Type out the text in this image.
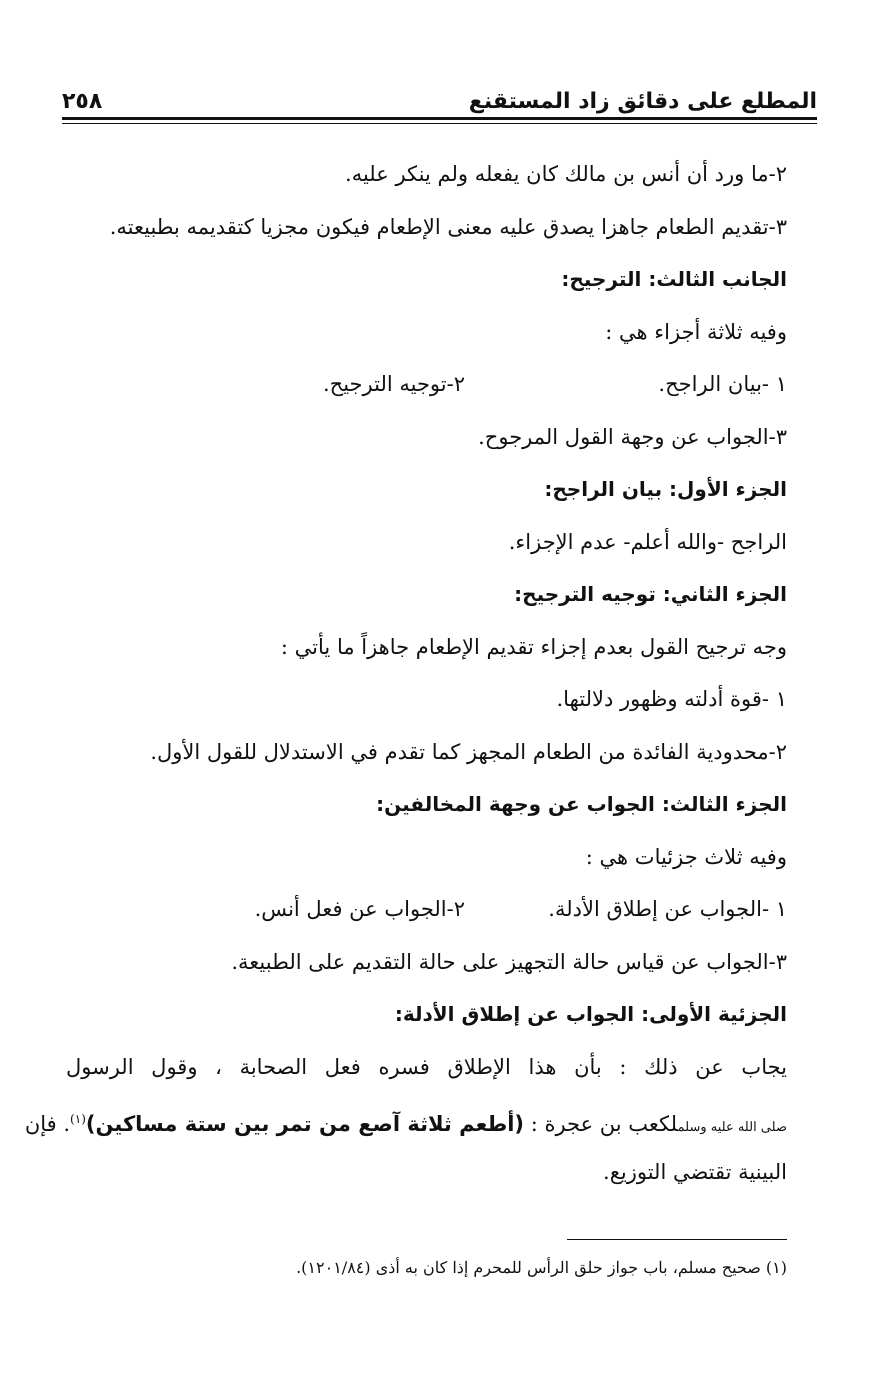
المطلع على دقائق زاد المستقنع
٢٥٨
٢-ما ورد أن أنس بن مالك كان يفعله ولم ينكر عليه.
٣-تقديم الطعام جاهزا يصدق عليه معنى الإطعام فيكون مجزيا كتقديمه بطبيعته.
الجانب الثالث: الترجيح:
وفيه ثلاثة أجزاء هي :
١ -بيان الراجح.
٢-توجيه الترجيح.
٣-الجواب عن وجهة القول المرجوح.
الجزء الأول: بيان الراجح:
الراجح -والله أعلم- عدم الإجزاء.
الجزء الثاني: توجيه الترجيح:
وجه ترجيح القول بعدم إجزاء تقديم الإطعام جاهزاً ما يأتي :
١ -قوة أدلته وظهور دلالتها.
٢-محدودية الفائدة من الطعام المجهز كما تقدم في الاستدلال للقول الأول.
الجزء الثالث: الجواب عن وجهة المخالفين:
وفيه ثلاث جزئيات هي :
١ -الجواب عن إطلاق الأدلة.
٢-الجواب عن فعل أنس.
٣-الجواب عن قياس حالة التجهيز على حالة التقديم على الطبيعة.
الجزئية الأولى: الجواب عن إطلاق الأدلة:
يجاب عن ذلك : بأن هذا الإطلاق فسره فعل الصحابة ، وقول الرسول
صلى الله عليه وسلملكعب بن عجرة : (أطعم ثلاثة آصع من تمر بين ستة مساكين)$^{(١)}$. فإن
البينية تقتضي التوزيع.
(١) صحيح مسلم، باب جواز حلق الرأس للمحرم إذا كان به أذى (١٢٠١/٨٤).
